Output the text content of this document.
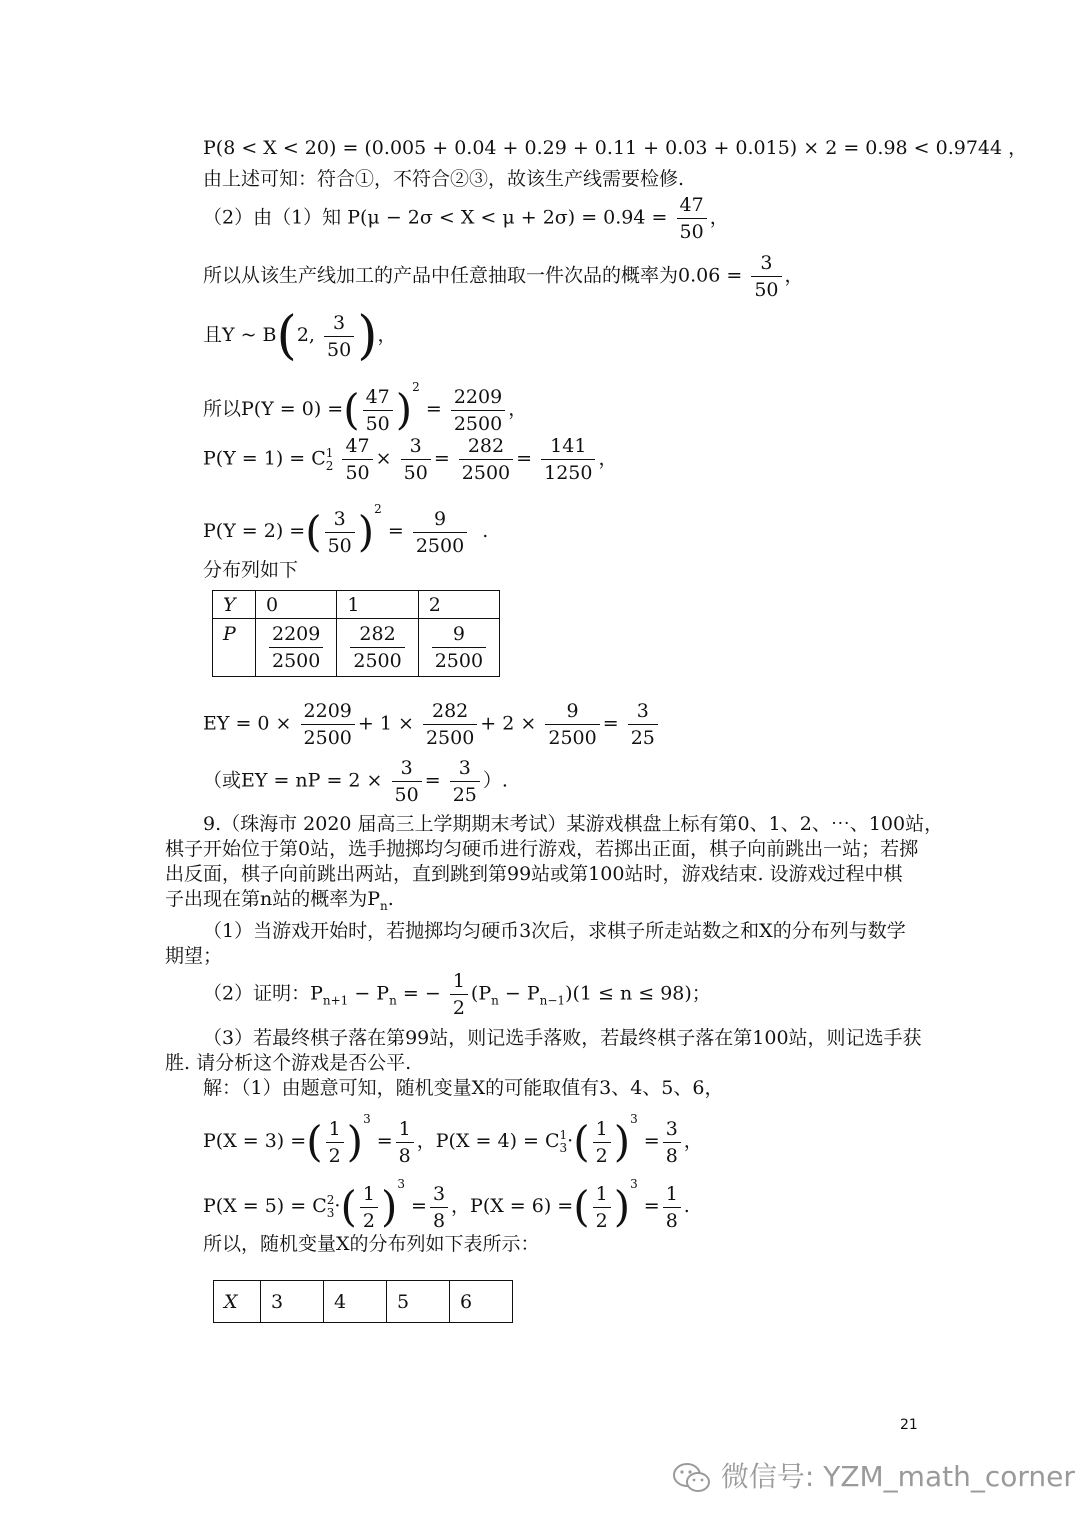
P(8 < X < 20) = (0.005 + 0.04 + 0.29 + 0.11 + 0.03 + 0.015) × 2 = 0.98 < 0.9744 ，
由上述可知：符合①，不符合②③，故该生产线需要检修.
（2）由（1）知 $P(\mu - 2\sigma < X < \mu + 2\sigma) = 0.94 = \frac{47}{50}$ ，
所以从该生产线加工的产品中任意抽取一件次品的概率为$0.06 = \frac{3}{50}$ ，
且Y ~ B(2, $\frac{3}{50}$ )，
所以P(Y = 0) =( $\frac{47}{50} )^2 = \frac{2209}{2500}$ ，
P(Y = 1) = C 1
2
$\frac{47}{50} \times \frac{3}{50} = \frac{282}{2500} = \frac{141}{1250}$ ，
P(Y = 2) =( $\frac{3}{50} )^2 = \frac{9}{2500}$ .
分布列如下
Y	0	1	2
P	$\frac{2209}{2500}$	$\frac{282}{2500}$	$\frac{9}{2500}$
EY = $0 \times \frac{2209}{2500} + 1 \times \frac{282}{2500} + 2 \times \frac{9}{2500} = \frac{3}{25}$
（或EY = nP = $2 \times \frac{3}{50} = \frac{3}{25}$ ）.
9.（珠海市 2020 届高三上学期期末考试）某游戏棋盘上标有第0、1、2、⋯、100站，
棋子开始位于第0站，选手抛掷均匀硬币进行游戏，若掷出正面，棋子向前跳出一站；若掷
出反面，棋子向前跳出两站，直到跳到第99站或第100站时，游戏结束. 设游戏过程中棋
子出现在第n站的概率为$P_n$.
（1）当游戏开始时，若抛掷均匀硬币3次后，求棋子所走站数之和X的分布列与数学
期望；
（2）证明：$P_{n+1} - P_n$ = − $\frac{1}{2} (P_n - P_{n-1})(1 \le n \le 98)$；
（3）若最终棋子落在第99站，则记选手落败，若最终棋子落在第100站，则记选手获
胜. 请分析这个游戏是否公平.
解：（1）由题意可知，随机变量X的可能取值有3、4、5、6，
P(X = 3) =( $\frac{1}{2} )^3 = \frac{1}{8}$ ，P(X = 4) = C 1
3 ·( $\frac{1}{2} )^3 = \frac{3}{8}$ ，
P(X = 5) = C 2
3 ·( $\frac{1}{2} )^3 = \frac{3}{8}$ ，P(X = 6) =( $\frac{1}{2} )^3 = \frac{1}{8}$ .
所以，随机变量X的分布列如下表所示：
X	3	4	5	6
21
微信号: YZM_math_corner
